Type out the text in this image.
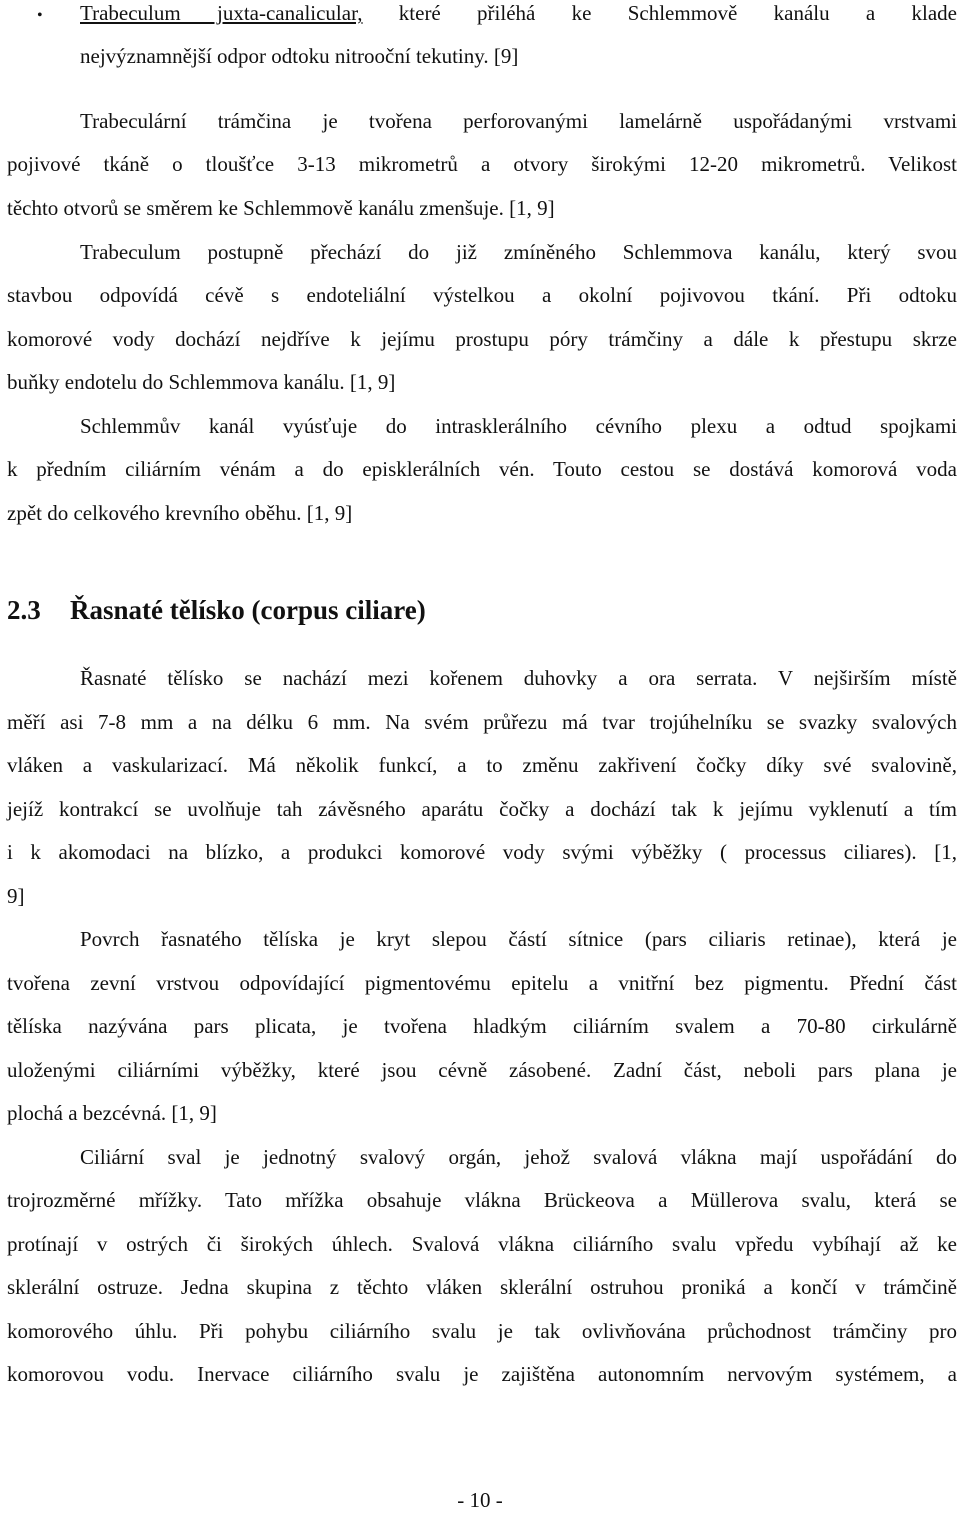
• Trabeculum juxta-canalicular, které přiléhá ke Schlemmově kanálu a klade
nejvýznamnější odpor odtoku nitrooční tekutiny. [9]
Trabeculární trámčina je tvořena perforovanými lamelárně uspořádanými vrstvami
pojivové tkáně o tloušťce 3-13 mikrometrů a otvory širokými 12-20 mikrometrů. Velikost
těchto otvorů se směrem ke Schlemmově kanálu zmenšuje. [1, 9]
Trabeculum postupně přechází do již zmíněného Schlemmova kanálu, který svou
stavbou odpovídá cévě s endoteliální výstelkou a okolní pojivovou tkání. Při odtoku
komorové vody dochází nejdříve k jejímu prostupu póry trámčiny a dále k přestupu skrze
buňky endotelu do Schlemmova kanálu. [1, 9]
Schlemmův kanál vyúsťuje do intrasklerálního cévního plexu a odtud spojkami
k předním ciliárním vénám a do episklerálních vén. Touto cestou se dostává komorová voda
zpět do celkového krevního oběhu. [1, 9]
2.3 Řasnaté tělísko (corpus ciliare)
Řasnaté tělísko se nachází mezi kořenem duhovky a ora serrata. V nejširším místě
měří asi 7-8 mm a na délku 6 mm. Na svém průřezu má tvar trojúhelníku se svazky svalových
vláken a vaskularizací. Má několik funkcí, a to změnu zakřivení čočky díky své svalovině,
jejíž kontrakcí se uvolňuje tah závěsného aparátu čočky a dochází tak k jejímu vyklenutí a tím
i k akomodaci na blízko, a produkci komorové vody svými výběžky ( processus ciliares). [1,
9]
Povrch řasnatého tělíska je kryt slepou částí sítnice (pars ciliaris retinae), která je
tvořena zevní vrstvou odpovídající pigmentovému epitelu a vnitřní bez pigmentu. Přední část
tělíska nazývána pars plicata, je tvořena hladkým ciliárním svalem a 70-80 cirkulárně
uloženými ciliárními výběžky, které jsou cévně zásobené. Zadní část, neboli pars plana je
plochá a bezcévná. [1, 9]
Ciliární sval je jednotný svalový orgán, jehož svalová vlákna mají uspořádání do
trojrozměrné mřížky. Tato mřížka obsahuje vlákna Brückeova a Müllerova svalu, která se
protínají v ostrých či širokých úhlech. Svalová vlákna ciliárního svalu vpředu vybíhají až ke
sklerální ostruze. Jedna skupina z těchto vláken sklerální ostruhou proniká a končí v trámčině
komorového úhlu. Při pohybu ciliárního svalu je tak ovlivňována průchodnost trámčiny pro
komorovou vodu. Inervace ciliárního svalu je zajištěna autonomním nervovým systémem, a
- 10 -
